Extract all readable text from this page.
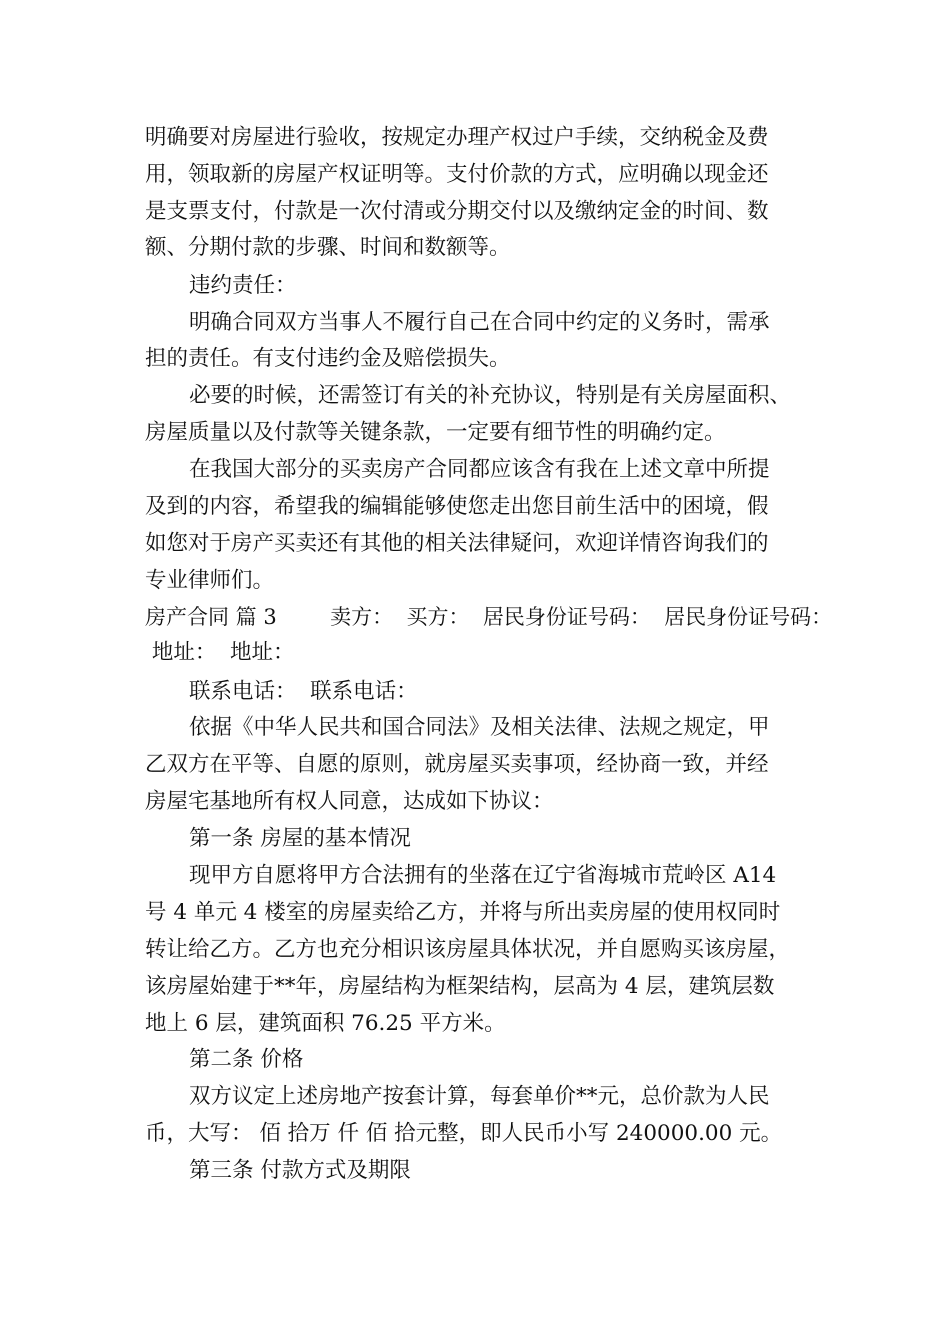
明确要对房屋进行验收，按规定办理产权过户手续，交纳税金及费
用，领取新的房屋产权证明等。支付价款的方式，应明确以现金还
是支票支付，付款是一次付清或分期交付以及缴纳定金的时间、数
额、分期付款的步骤、时间和数额等。
违约责任：
明确合同双方当事人不履行自己在合同中约定的义务时，需承
担的责任。有支付违约金及赔偿损失。
必要的时候，还需签订有关的补充协议，特别是有关房屋面积、
房屋质量以及付款等关键条款，一定要有细节性的明确约定。
在我国大部分的买卖房产合同都应该含有我在上述文章中所提
及到的内容，希望我的编辑能够使您走出您目前生活中的困境，假
如您对于房产买卖还有其他的相关法律疑问，欢迎详情咨询我们的
专业律师们。
房产合同 篇 3        卖方：  买方：  居民身份证号码：  居民身份证号码：
地址：  地址：
联系电话：  联系电话：
依据《中华人民共和国合同法》及相关法律、法规之规定，甲
乙双方在平等、自愿的原则，就房屋买卖事项，经协商一致，并经
房屋宅基地所有权人同意，达成如下协议：
第一条 房屋的基本情况
现甲方自愿将甲方合法拥有的坐落在辽宁省海城市荒岭区 A14
号 4 单元 4 楼室的房屋卖给乙方，并将与所出卖房屋的使用权同时
转让给乙方。乙方也充分相识该房屋具体状况，并自愿购买该房屋，
该房屋始建于**年，房屋结构为框架结构，层高为 4 层，建筑层数
地上 6 层，建筑面积 76.25 平方米。
第二条 价格
双方议定上述房地产按套计算，每套单价**元，总价款为人民
币，大写： 佰 拾万 仟 佰 拾元整，即人民币小写 240000.00 元。
第三条 付款方式及期限
